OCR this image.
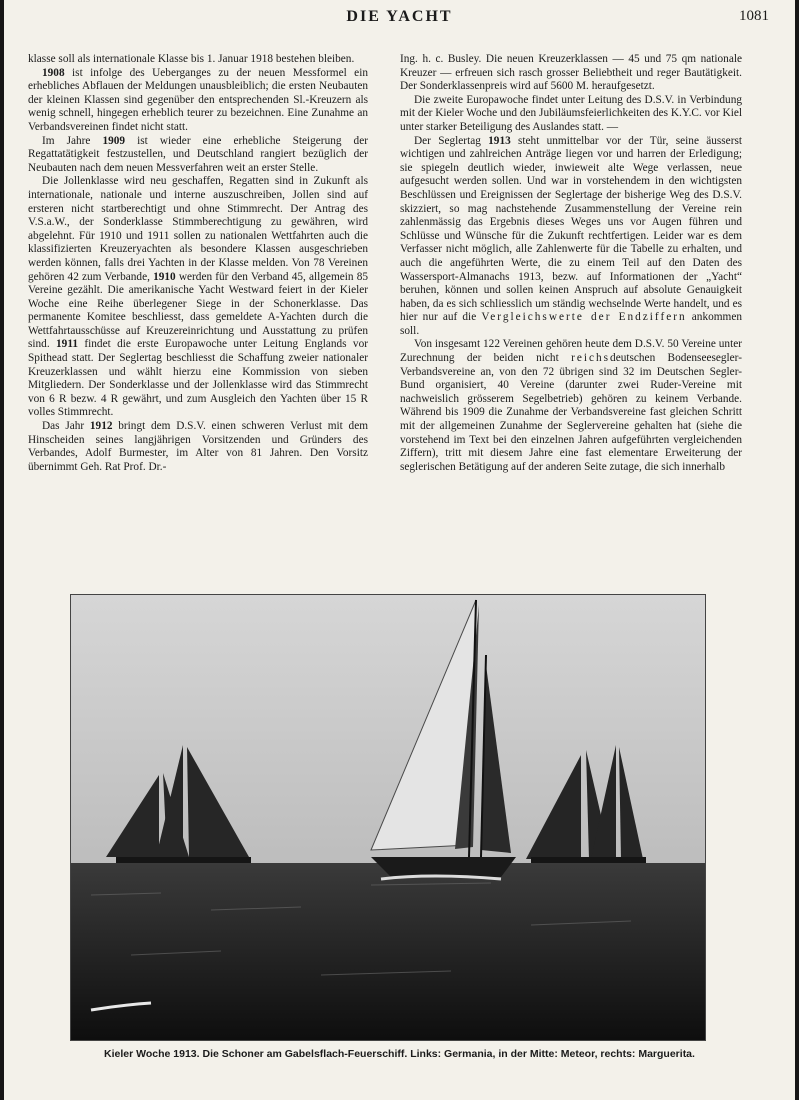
DIE YACHT	1081

klasse soll als internationale Klasse bis 1. Januar 1918 bestehen bleiben.

1908 ist infolge des Ueberganges zu der neuen Messformel ein erhebliches Abflauen der Meldungen unausbleiblich; die ersten Neubauten der kleinen Klassen sind gegenüber den entsprechenden Sl.-Kreuzern als wenig schnell, hingegen erheblich teurer zu bezeichnen. Eine Zunahme an Verbandsvereinen findet nicht statt.

Im Jahre 1909 ist wieder eine erhebliche Steigerung der Regattatätigkeit festzustellen, und Deutschland rangiert bezüglich der Neubauten nach dem neuen Messverfahren weit an erster Stelle.

Die Jollenklasse wird neu geschaffen, Regatten sind in Zukunft als internationale, nationale und interne auszuschreiben, Jollen sind auf ersteren nicht startberechtigt und ohne Stimmrecht. Der Antrag des V.S.a.W., der Sonderklasse Stimmberechtigung zu gewähren, wird abgelehnt. Für 1910 und 1911 sollen zu nationalen Wettfahrten auch die klassifizierten Kreuzeryachten als besondere Klassen ausgeschrieben werden können, falls drei Yachten in der Klasse melden. Von 78 Vereinen gehören 42 zum Verbande, 1910 werden für den Verband 45, allgemein 85 Vereine gezählt. Die amerikanische Yacht Westward feiert in der Kieler Woche eine Reihe überlegener Siege in der Schonerklasse. Das permanente Komitee beschliesst, dass gemeldete A-Yachten durch die Wettfahrtausschüsse auf Kreuzereinrichtung und Ausstattung zu prüfen sind. 1911 findet die erste Europawoche unter Leitung Englands vor Spithead statt. Der Seglertag beschliesst die Schaffung zweier nationaler Kreuzerklassen und wählt hierzu eine Kommission von sieben Mitgliedern. Der Sonderklasse und der Jollenklasse wird das Stimmrecht von 6 R bezw. 4 R gewährt, und zum Ausgleich den Yachten über 15 R volles Stimmrecht.

Das Jahr 1912 bringt dem D.S.V. einen schweren Verlust mit dem Hinscheiden seines langjährigen Vorsitzenden und Gründers des Verbandes, Adolf Burmester, im Alter von 81 Jahren. Den Vorsitz übernimmt Geh. Rat Prof. Dr.-

Ing. h. c. Busley. Die neuen Kreuzerklassen — 45 und 75 qm nationale Kreuzer — erfreuen sich rasch grosser Beliebtheit und reger Bautätigkeit. Der Sonderklassenpreis wird auf 5600 M. heraufgesetzt.

Die zweite Europawoche findet unter Leitung des D.S.V. in Verbindung mit der Kieler Woche und den Jubiläumsfeierlichkeiten des K.Y.C. vor Kiel unter starker Beteiligung des Auslandes statt. —

Der Seglertag 1913 steht unmittelbar vor der Tür, seine äusserst wichtigen und zahlreichen Anträge liegen vor und harren der Erledigung; sie spiegeln deutlich wieder, inwieweit alte Wege verlassen, neue aufgesucht werden sollen. Und war in vorstehendem in den wichtigsten Beschlüssen und Ereignissen der Seglertage der bisherige Weg des D.S.V. skizziert, so mag nachstehende Zusammenstellung der Vereine rein zahlenmässig das Ergebnis dieses Weges uns vor Augen führen und Schlüsse und Wünsche für die Zukunft rechtfertigen. Leider war es dem Verfasser nicht möglich, alle Zahlenwerte für die Tabelle zu erhalten, und auch die angeführten Werte, die zu einem Teil auf den Daten des Wassersport-Almanachs 1913, bezw. auf Informationen der „Yacht“ beruhen, können und sollen keinen Anspruch auf absolute Genauigkeit haben, da es sich schliesslich um ständig wechselnde Werte handelt, und es hier nur auf die Vergleichswerte der Endziffern ankommen soll.

Von insgesamt 122 Vereinen gehören heute dem D.S.V. 50 Vereine unter Zurechnung der beiden nicht reichsdeutschen Bodenseesegler-Verbandsvereine an, von den 72 übrigen sind 32 im Deutschen Segler-Bund organisiert, 40 Vereine (darunter zwei Ruder-Vereine mit nachweislich grösserem Segelbetrieb) gehören zu keinem Verbande. Während bis 1909 die Zunahme der Verbandsvereine fast gleichen Schritt mit der allgemeinen Zunahme der Seglervereine gehalten hat (siehe die vorstehend im Text bei den einzelnen Jahren aufgeführten vergleichenden Ziffern), tritt mit diesem Jahre eine fast elementare Erweiterung der seglerischen Betätigung auf der anderen Seite zutage, die sich innerhalb

Kieler Woche 1913. Die Schoner am Gabelsflach-Feuerschiff. Links: Germania, in der Mitte: Meteor, rechts: Marguerita.
